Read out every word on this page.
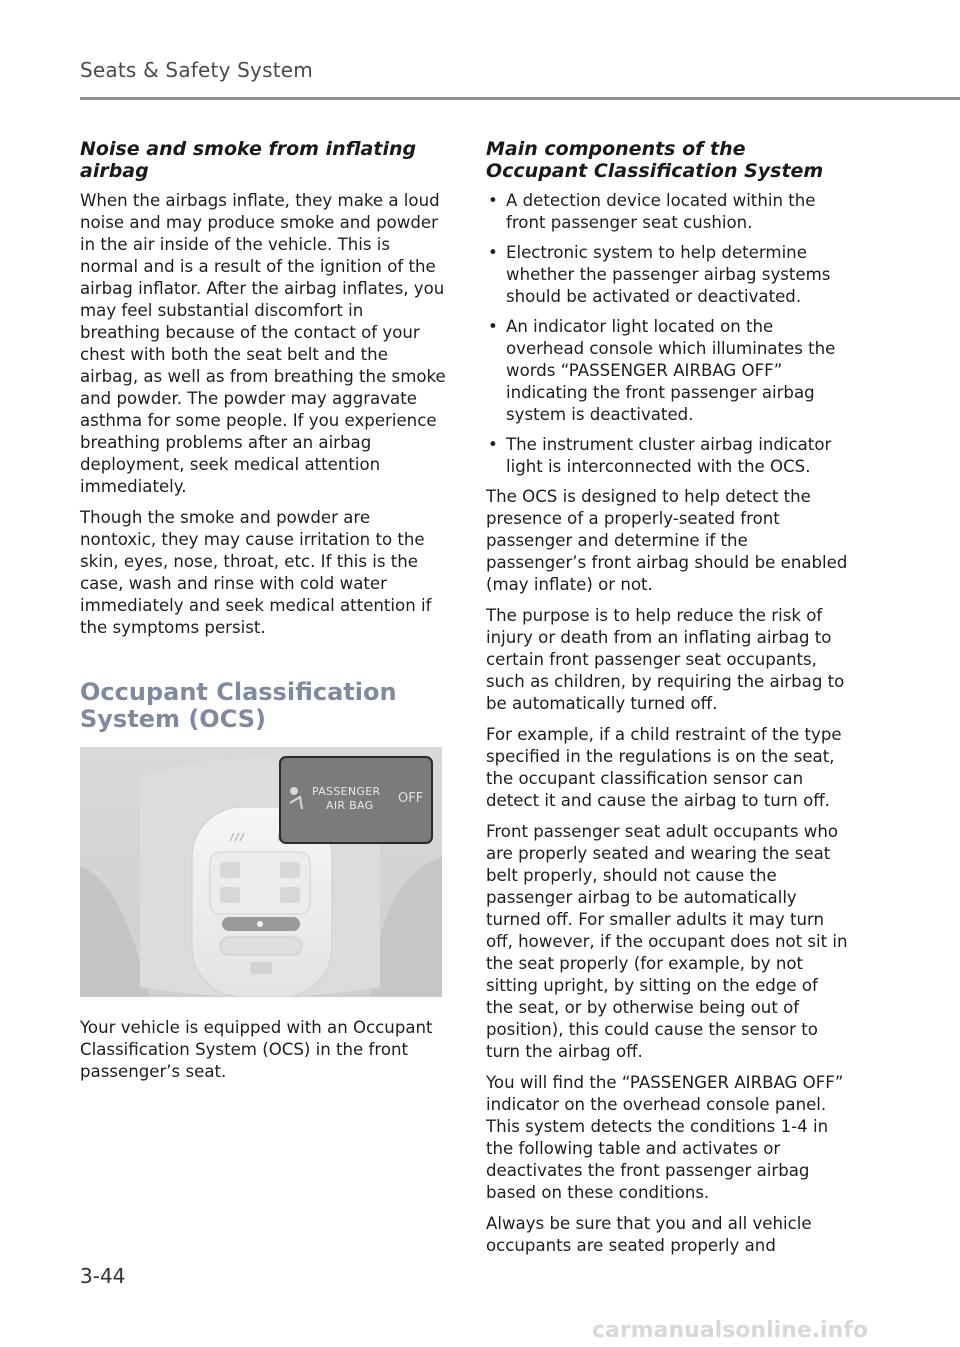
Seats & Safety System
Noise and smoke from inflating airbag

When the airbags inflate, they make a loud noise and may produce smoke and powder in the air inside of the vehicle. This is normal and is a result of the ignition of the airbag inflator. After the airbag inflates, you may feel substantial discomfort in breathing because of the contact of your chest with both the seat belt and the airbag, as well as from breathing the smoke and powder. The powder may aggravate asthma for some people. If you experience breathing problems after an airbag deployment, seek medical attention immediately.

Though the smoke and powder are nontoxic, they may cause irritation to the skin, eyes, nose, throat, etc. If this is the case, wash and rinse with cold water immediately and seek medical attention if the symptoms persist.

Occupant Classification System (OCS)
PASSENGER
AIR BAG OFF

Your vehicle is equipped with an Occupant Classification System (OCS) in the front passenger’s seat.

Main components of the Occupant Classification System
• A detection device located within the front passenger seat cushion.
• Electronic system to help determine whether the passenger airbag systems should be activated or deactivated.
• An indicator light located on the overhead console which illuminates the words “PASSENGER AIRBAG OFF” indicating the front passenger airbag system is deactivated.
• The instrument cluster airbag indicator light is interconnected with the OCS.

The OCS is designed to help detect the presence of a properly-seated front passenger and determine if the passenger’s front airbag should be enabled (may inflate) or not.

The purpose is to help reduce the risk of injury or death from an inflating airbag to certain front passenger seat occupants, such as children, by requiring the airbag to be automatically turned off.

For example, if a child restraint of the type specified in the regulations is on the seat, the occupant classification sensor can detect it and cause the airbag to turn off.

Front passenger seat adult occupants who are properly seated and wearing the seat belt properly, should not cause the passenger airbag to be automatically turned off. For smaller adults it may turn off, however, if the occupant does not sit in the seat properly (for example, by not sitting upright, by sitting on the edge of the seat, or by otherwise being out of position), this could cause the sensor to turn the airbag off.

You will find the “PASSENGER AIRBAG OFF” indicator on the overhead console panel. This system detects the conditions 1-4 in the following table and activates or deactivates the front passenger airbag based on these conditions.

Always be sure that you and all vehicle occupants are seated properly and

3-44
carmanualsonline.info
